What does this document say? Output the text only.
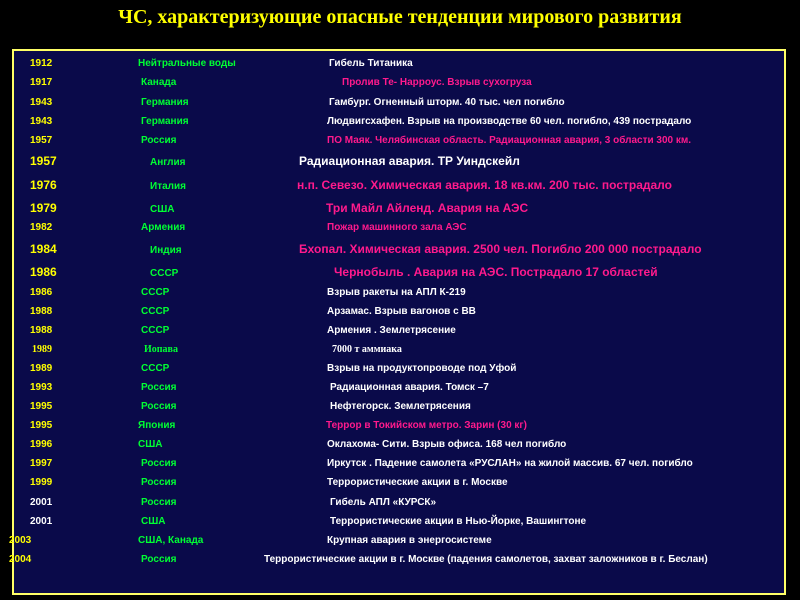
ЧС, характеризующие опасные тенденции мирового развития
1912	Нейтральные воды	Гибель Титаника
1917	Канада	Пролив Те- Нарроус. Взрыв сухогруза
1943	Германия	Гамбург. Огненный шторм. 40 тыс. чел погибло
1943	Германия	Людвигсхафен. Взрыв на производстве 60 чел. погибло, 439 пострадало
1957	Россия	ПО Маяк. Челябинская область. Радиационная авария, 3 области 300 км.
1957	Англия	Радиационная авария. ТР Уиндскейл
1976	Италия	н.п. Севезо. Химическая авария. 18 кв.км. 200 тыс. пострадало
1979	США	Три Майл Айленд. Авария на АЭС
1982	Армения	Пожар машинного зала АЭС
1984	Индия	Бхопал. Химическая авария. 2500 чел. Погибло 200 000 пострадало
1986	СССР	Чернобыль . Авария на АЭС. Пострадало 17 областей
1986	СССР	Взрыв ракеты на АПЛ К-219
1988	СССР	Арзамас. Взрыв вагонов с ВВ
1988	СССР	Армения . Землетрясение
1989	Иопава	7000 т аммиака
1989	СССР	Взрыв на продуктопроводе под Уфой
1993	Россия	Радиационная авария. Томск –7
1995	Россия	Нефтегорск. Землетрясения
1995	Япония	Террор в Токийском метро. Зарин (30 кг)
1996	США	Оклахома- Сити. Взрыв офиса. 168 чел погибло
1997	Россия	Иркутск . Падение самолета «РУСЛАН» на жилой массив. 67 чел. погибло
1999	Россия	Террористические акции в г. Москве
2001	Россия	Гибель АПЛ «КУРСК»
2001	США	Террористические акции в Нью-Йорке, Вашингтоне
2003	США, Канада	Крупная авария в энергосистеме
2004	Россия	Террористические акции в г. Москве (падения самолетов, захват заложников в г. Беслан)
